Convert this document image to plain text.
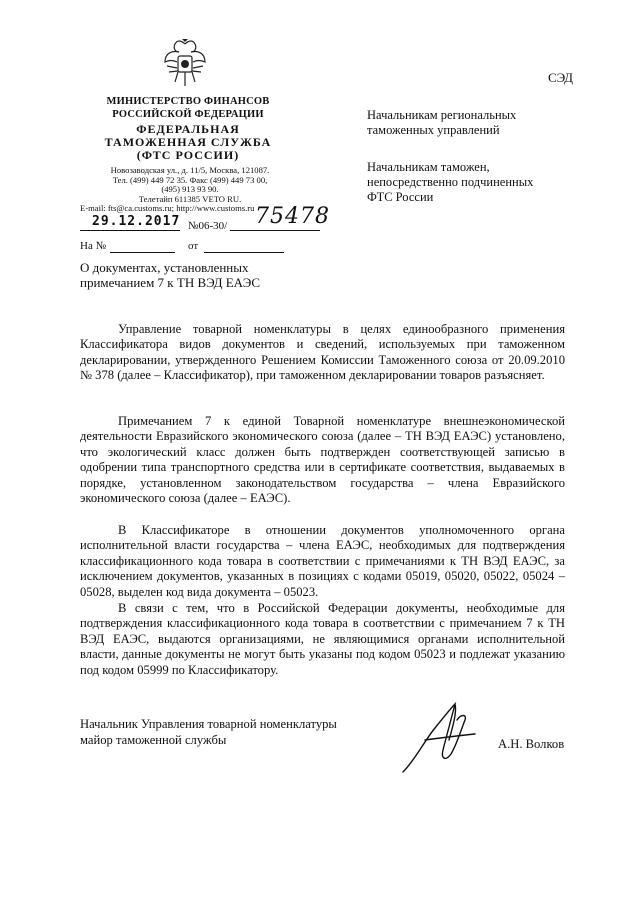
МИНИСТЕРСТВО ФИНАНСОВ
РОССИЙСКОЙ ФЕДЕРАЦИИ
ФЕДЕРАЛЬНАЯ
ТАМОЖЕННАЯ СЛУЖБА
(ФТС РОССИИ)
Новозаводская ул., д. 11/5, Москва, 121087.
Тел. (499) 449 72 35. Факс (499) 449 73 00,
(495) 913 93 90.
Телетайп 611385 VETO RU.
E-mail: fts@ca.customs.ru; http://www.customs.ru
29.12.2017 №06-30/ 75478
На №	от
О документах, установленных
примечанием 7 к ТН ВЭД ЕАЭС
СЭД
Начальникам региональных
таможенных управлений
Начальникам таможен,
непосредственно подчиненных
ФТС России

Управление товарной номенклатуры в целях единообразного применения Классификатора видов документов и сведений, используемых при таможенном декларировании, утвержденного Решением Комиссии Таможенного союза от 20.09.2010 № 378 (далее – Классификатор), при таможенном декларировании товаров разъясняет.

Примечанием 7 к единой Товарной номенклатуре внешнеэкономической деятельности Евразийского экономического союза (далее – ТН ВЭД ЕАЭС) установлено, что экологический класс должен быть подтвержден соответствующей записью в одобрении типа транспортного средства или в сертификате соответствия, выдаваемых в порядке, установленном законодательством государства – члена Евразийского экономического союза (далее – ЕАЭС).

В Классификаторе в отношении документов уполномоченного органа исполнительной власти государства – члена ЕАЭС, необходимых для подтверждения классификационного кода товара в соответствии с примечаниями к ТН ВЭД ЕАЭС, за исключением документов, указанных в позициях с кодами 05019, 05020, 05022, 05024 – 05028, выделен код вида документа – 05023.

В связи с тем, что в Российской Федерации документы, необходимые для подтверждения классификационного кода товара в соответствии с примечанием 7 к ТН ВЭД ЕАЭС, выдаются организациями, не являющимися органами исполнительной власти, данные документы не могут быть указаны под кодом 05023 и подлежат указанию под кодом 05999 по Классификатору.

Начальник Управления товарной номенклатуры
майор таможенной службы	А.Н. Волков
